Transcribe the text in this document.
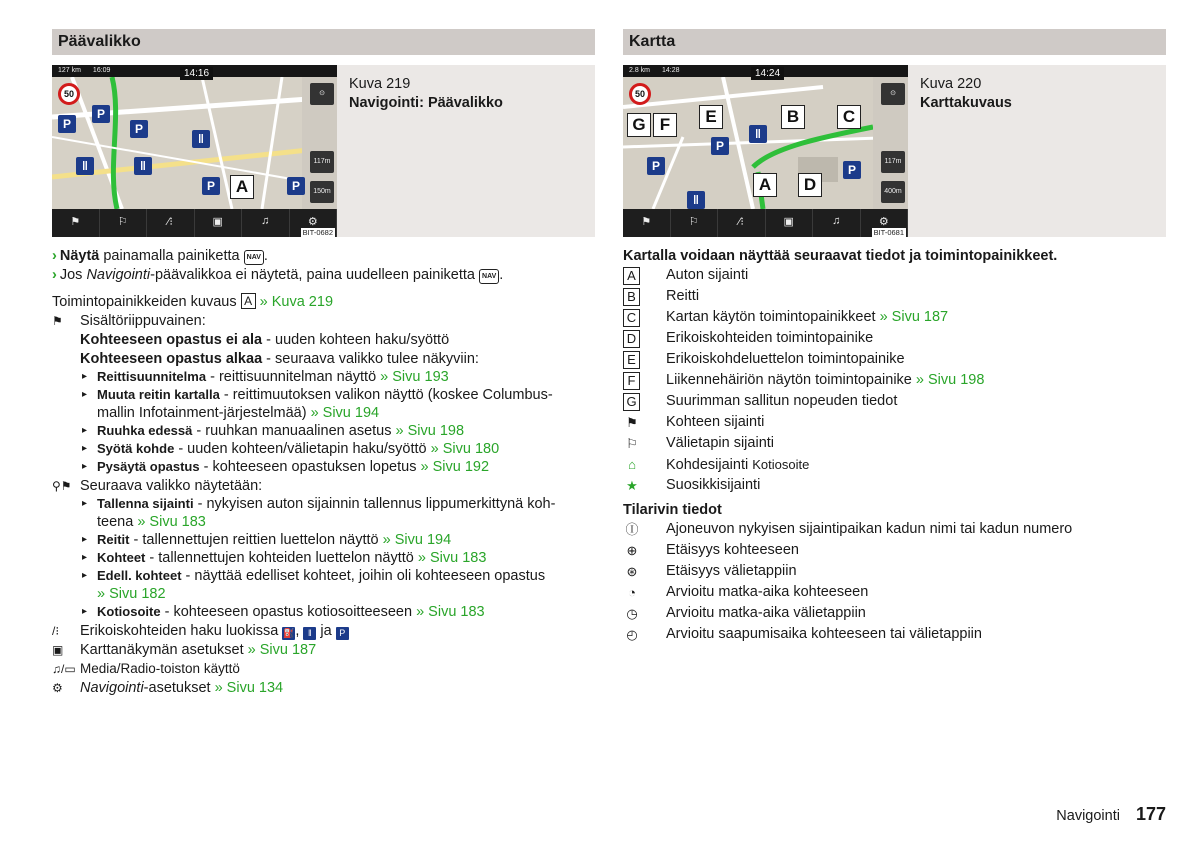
Päävalikko
127 km 16:09	14:16
50
P
P
P
P	P
ǁ	ǁ
ǁ
A
⊙
117m
150m
⚑	⚐	⁄⁝	▣	♫	⚙
BIT-0682
Kuva 219
Navigointi: Päävalikko
› Näytä painamalla painiketta NAV .
› Jos Navigointi-päävalikkoa ei näytetä, paina uudelleen painiketta NAV .
Toimintopainikkeiden kuvaus A » Kuva 219
⚑	Sisältöriippuvainen:
Kohteeseen opastus ei ala - uuden kohteen haku/syöttö
Kohteeseen opastus alkaa - seuraava valikko tulee näkyviin:
▸ Reittisuunnitelma - reittisuunnitelman näyttö » Sivu 193
▸ Muuta reitin kartalla - reittimuutoksen valikon näyttö (koskee Columbus-
mallin Infotainment-järjestelmää) » Sivu 194
▸ Ruuhka edessä - ruuhkan manuaalinen asetus » Sivu 198
▸ Syötä kohde - uuden kohteen/välietapin haku/syöttö » Sivu 180
▸ Pysäytä opastus - kohteeseen opastuksen lopetus » Sivu 192
⚲⚑ Seuraava valikko näytetään:
▸ Tallenna sijainti - nykyisen auton sijainnin tallennus lippumerkittynä koh-
teena » Sivu 183
▸ Reitit - tallennettujen reittien luettelon näyttö » Sivu 194
▸ Kohteet - tallennettujen kohteiden luettelon näyttö » Sivu 183
▸ Edell. kohteet - näyttää edelliset kohteet, joihin oli kohteeseen opastus
» Sivu 182
▸ Kotiosoite - kohteeseen opastus kotiosoitteeseen » Sivu 183
/⁝	Erikoiskohteiden haku luokissa ⛽, ǁ ja P
▣	Karttanäkymän asetukset » Sivu 187
♫/▭ Media/Radio-toiston käyttö
⚙	Navigointi-asetukset » Sivu 134
Kartta
2.8 km 14:28	14:24
50
G F	E	B	C
A	D
P
P
P
ǁ
ǁ
⊙
117m
400m
⚑	⚐	⁄⁝	▣	♫	⚙
BIT-0681
Kuva 220
Karttakuvaus
Kartalla voidaan näyttää seuraavat tiedot ja toimintopainikkeet.
A Auton sijainti
B Reitti
C Kartan käytön toimintopainikkeet » Sivu 187
D Erikoiskohteiden toimintopainike
E Erikoiskohdeluettelon toimintopainike
F	Liikennehäiriön näytön toimintopainike » Sivu 198
G Suurimman sallitun nopeuden tiedot
⚑ Kohteen sijainti
⚐ Välietapin sijainti
⌂	Kohdesijainti Kotiosoite
★ Suosikkisijainti
Tilarivin tiedot
Ⓘ Ajoneuvon nykyisen sijaintipaikan kadun nimi tai kadun numero
⊕ Etäisyys kohteeseen
⊛ Etäisyys välietappiin
◔	Arvioitu matka-aika kohteeseen
◷ Arvioitu matka-aika välietappiin
◴ Arvioitu saapumisaika kohteeseen tai välietappiin
Navigointi 177
